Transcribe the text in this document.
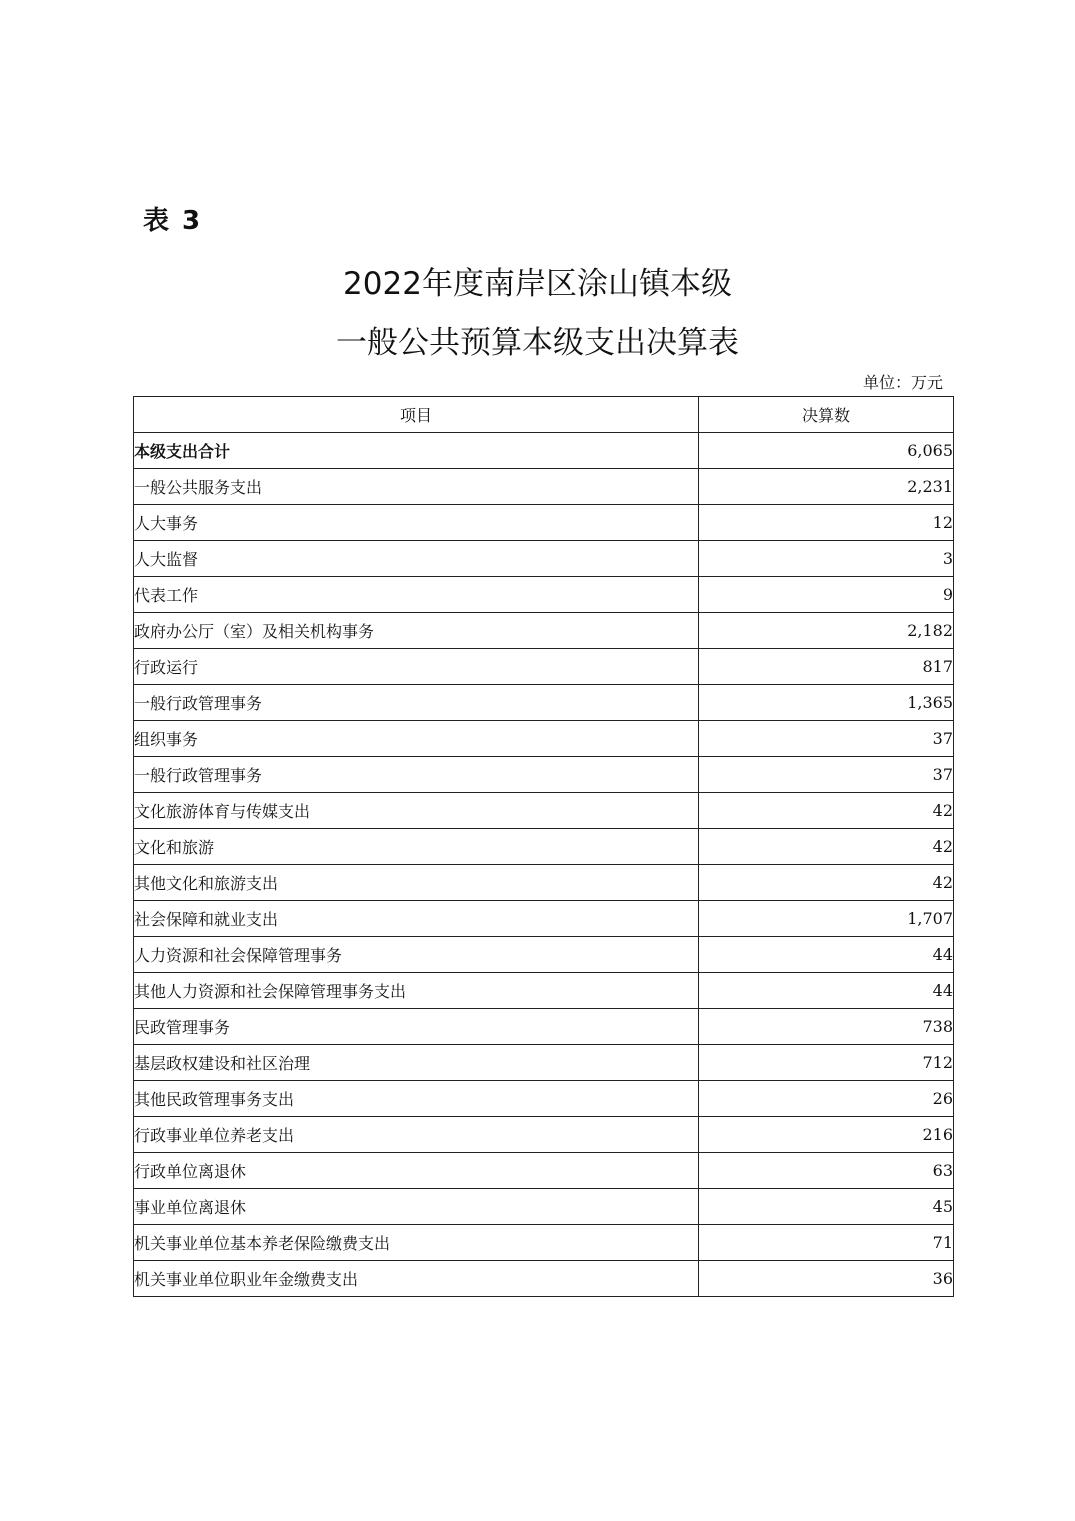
表 3
2022年度南岸区涂山镇本级
一般公共预算本级支出决算表
单位：万元
项目	决算数
本级支出合计	6,065
一般公共服务支出	2,231
人大事务	12
人大监督	3
代表工作	9
政府办公厅（室）及相关机构事务	2,182
行政运行	817
一般行政管理事务	1,365
组织事务	37
一般行政管理事务	37
文化旅游体育与传媒支出	42
文化和旅游	42
其他文化和旅游支出	42
社会保障和就业支出	1,707
人力资源和社会保障管理事务	44
其他人力资源和社会保障管理事务支出	44
民政管理事务	738
基层政权建设和社区治理	712
其他民政管理事务支出	26
行政事业单位养老支出	216
行政单位离退休	63
事业单位离退休	45
机关事业单位基本养老保险缴费支出	71
机关事业单位职业年金缴费支出	36
